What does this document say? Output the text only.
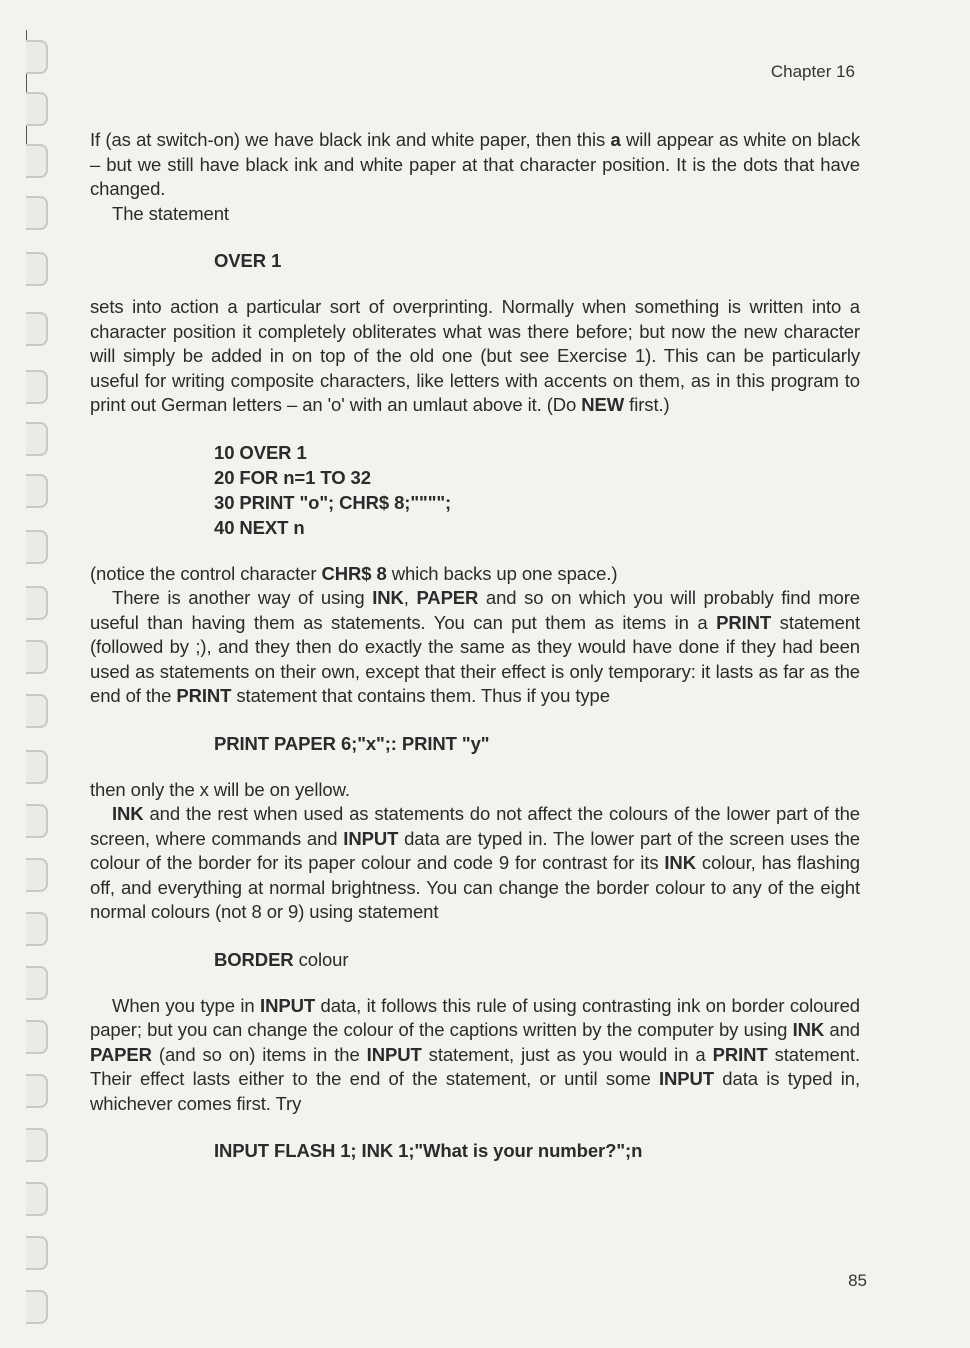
Chapter 16

If (as at switch-on) we have black ink and white paper, then this a will appear as white on black – but we still have black ink and white paper at that character position. It is the dots that have changed.

The statement

OVER 1

sets into action a particular sort of overprinting. Normally when something is written into a character position it completely obliterates what was there before; but now the new character will simply be added in on top of the old one (but see Exercise 1). This can be particularly useful for writing composite characters, like letters with accents on them, as in this program to print out German letters – an 'o' with an umlaut above it. (Do NEW first.)

10 OVER 1

20 FOR n=1 TO 32

30 PRINT "o"; CHR$ 8;"""";

40 NEXT n

(notice the control character CHR$ 8 which backs up one space.)

There is another way of using INK, PAPER and so on which you will probably find more useful than having them as statements. You can put them as items in a PRINT statement (followed by ;), and they then do exactly the same as they would have done if they had been used as statements on their own, except that their effect is only temporary: it lasts as far as the end of the PRINT statement that contains them. Thus if you type

PRINT PAPER 6;"x";: PRINT "y"

then only the x will be on yellow.

INK and the rest when used as statements do not affect the colours of the lower part of the screen, where commands and INPUT data are typed in. The lower part of the screen uses the colour of the border for its paper colour and code 9 for contrast for its INK colour, has flashing off, and everything at normal brightness. You can change the border colour to any of the eight normal colours (not 8 or 9) using statement

BORDER colour

When you type in INPUT data, it follows this rule of using contrasting ink on border coloured paper; but you can change the colour of the captions written by the computer by using INK and PAPER (and so on) items in the INPUT statement, just as you would in a PRINT statement. Their effect lasts either to the end of the statement, or until some INPUT data is typed in, whichever comes first. Try

INPUT FLASH 1; INK 1;"What is your number?";n

85
